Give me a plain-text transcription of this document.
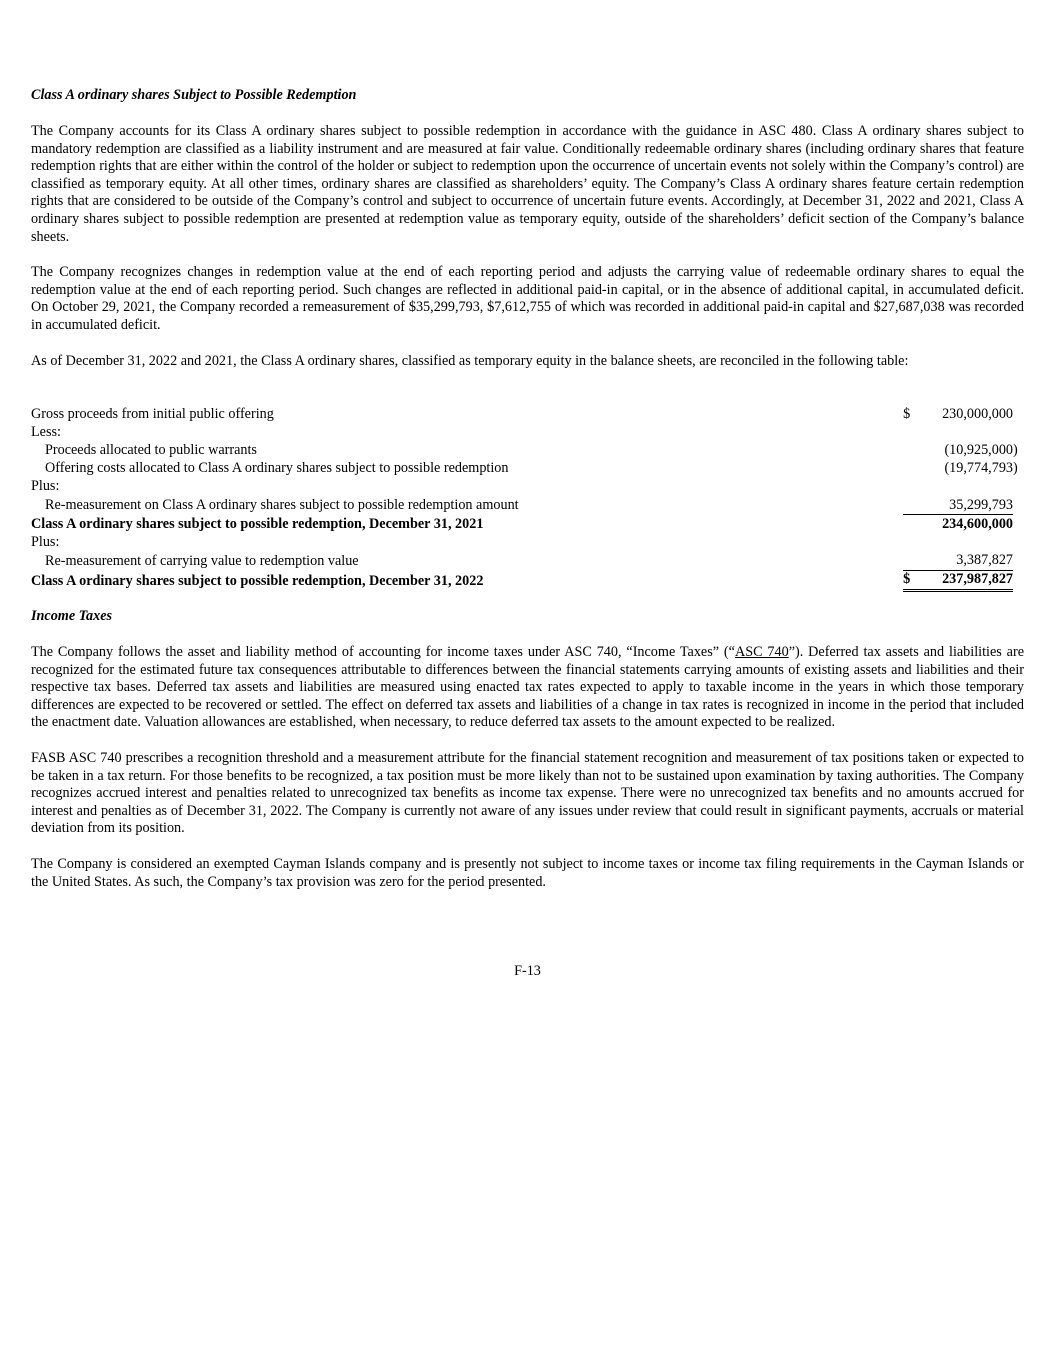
Class A ordinary shares Subject to Possible Redemption

The Company accounts for its Class A ordinary shares subject to possible redemption in accordance with the guidance in ASC 480. Class A ordinary shares subject to mandatory redemption are classified as a liability instrument and are measured at fair value. Conditionally redeemable ordinary shares (including ordinary shares that feature redemption rights that are either within the control of the holder or subject to redemption upon the occurrence of uncertain events not solely within the Company’s control) are classified as temporary equity. At all other times, ordinary shares are classified as shareholders’ equity. The Company’s Class A ordinary shares feature certain redemption rights that are considered to be outside of the Company’s control and subject to occurrence of uncertain future events. Accordingly, at December 31, 2022 and 2021, Class A ordinary shares subject to possible redemption are presented at redemption value as temporary equity, outside of the shareholders’ deficit section of the Company’s balance sheets.

The Company recognizes changes in redemption value at the end of each reporting period and adjusts the carrying value of redeemable ordinary shares to equal the redemption value at the end of each reporting period. Such changes are reflected in additional paid-in capital, or in the absence of additional capital, in accumulated deficit. On October 29, 2021, the Company recorded a remeasurement of $35,299,793, $7,612,755 of which was recorded in additional paid-in capital and $27,687,038 was recorded in accumulated deficit.

As of December 31, 2022 and 2021, the Class A ordinary shares, classified as temporary equity in the balance sheets, are reconciled in the following table:

Gross proceeds from initial public offering	$	230,000,000	
Less:			
Proceeds allocated to public warrants		(10,925,000	)
Offering costs allocated to Class A ordinary shares subject to possible redemption		(19,774,793	)
Plus:			
Re-measurement on Class A ordinary shares subject to possible redemption amount		35,299,793	
Class A ordinary shares subject to possible redemption, December 31, 2021		234,600,000	
Plus:			
Re-measurement of carrying value to redemption value		3,387,827	
Class A ordinary shares subject to possible redemption, December 31, 2022	$	237,987,827	
Income Taxes

The Company follows the asset and liability method of accounting for income taxes under ASC 740, “Income Taxes” (“ASC 740”). Deferred tax assets and liabilities are recognized for the estimated future tax consequences attributable to differences between the financial statements carrying amounts of existing assets and liabilities and their respective tax bases. Deferred tax assets and liabilities are measured using enacted tax rates expected to apply to taxable income in the years in which those temporary differences are expected to be recovered or settled. The effect on deferred tax assets and liabilities of a change in tax rates is recognized in income in the period that included the enactment date. Valuation allowances are established, when necessary, to reduce deferred tax assets to the amount expected to be realized.

FASB ASC 740 prescribes a recognition threshold and a measurement attribute for the financial statement recognition and measurement of tax positions taken or expected to be taken in a tax return. For those benefits to be recognized, a tax position must be more likely than not to be sustained upon examination by taxing authorities. The Company recognizes accrued interest and penalties related to unrecognized tax benefits as income tax expense. There were no unrecognized tax benefits and no amounts accrued for interest and penalties as of December 31, 2022. The Company is currently not aware of any issues under review that could result in significant payments, accruals or material deviation from its position.

The Company is considered an exempted Cayman Islands company and is presently not subject to income taxes or income tax filing requirements in the Cayman Islands or the United States. As such, the Company’s tax provision was zero for the period presented.

F-13
